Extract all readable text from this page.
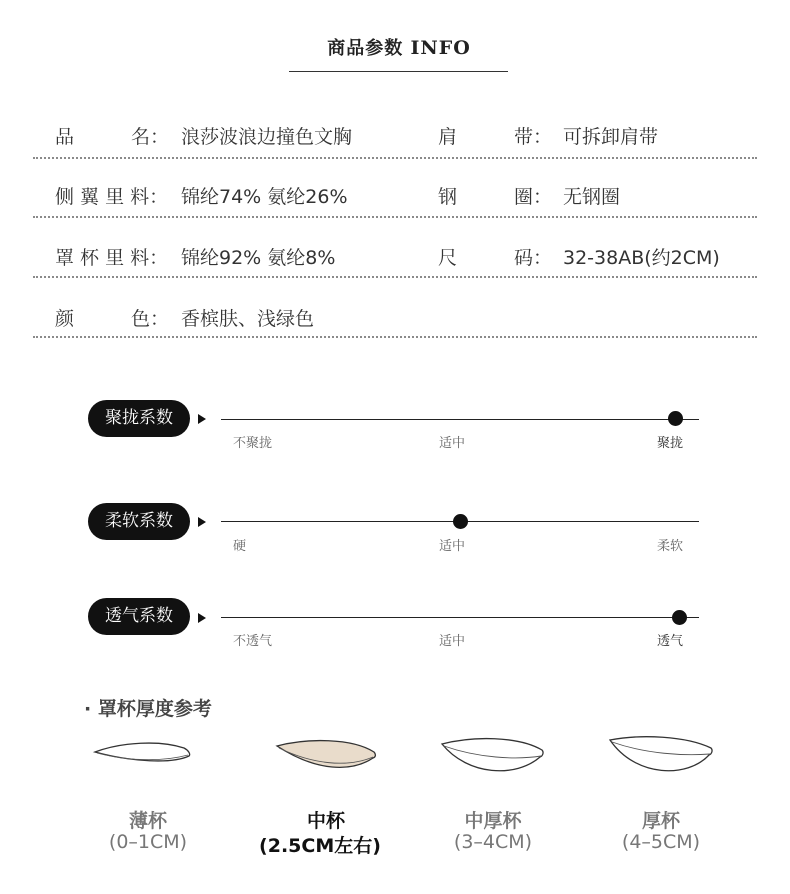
商品参数 INFO
品　　　名： 浪莎波浪边撞色文胸	肩　　　带： 可拆卸肩带
侧 翼 里 料： 锦纶74% 氨纶26%	钢　　　圈： 无钢圈
罩 杯 里 料： 锦纶92% 氨纶8%	尺　　　码： 32-38AB(约2CM)
颜　　　色： 香槟肤、浅绿色
聚拢系数
不聚拢	适中	聚拢
柔软系数
硬	适中	柔软
透气系数
不透气	适中	透气
· 罩杯厚度参考
薄杯
(0–1CM)
中杯
(2.5CM左右)
中厚杯
(3–4CM)
厚杯
(4–5CM)
